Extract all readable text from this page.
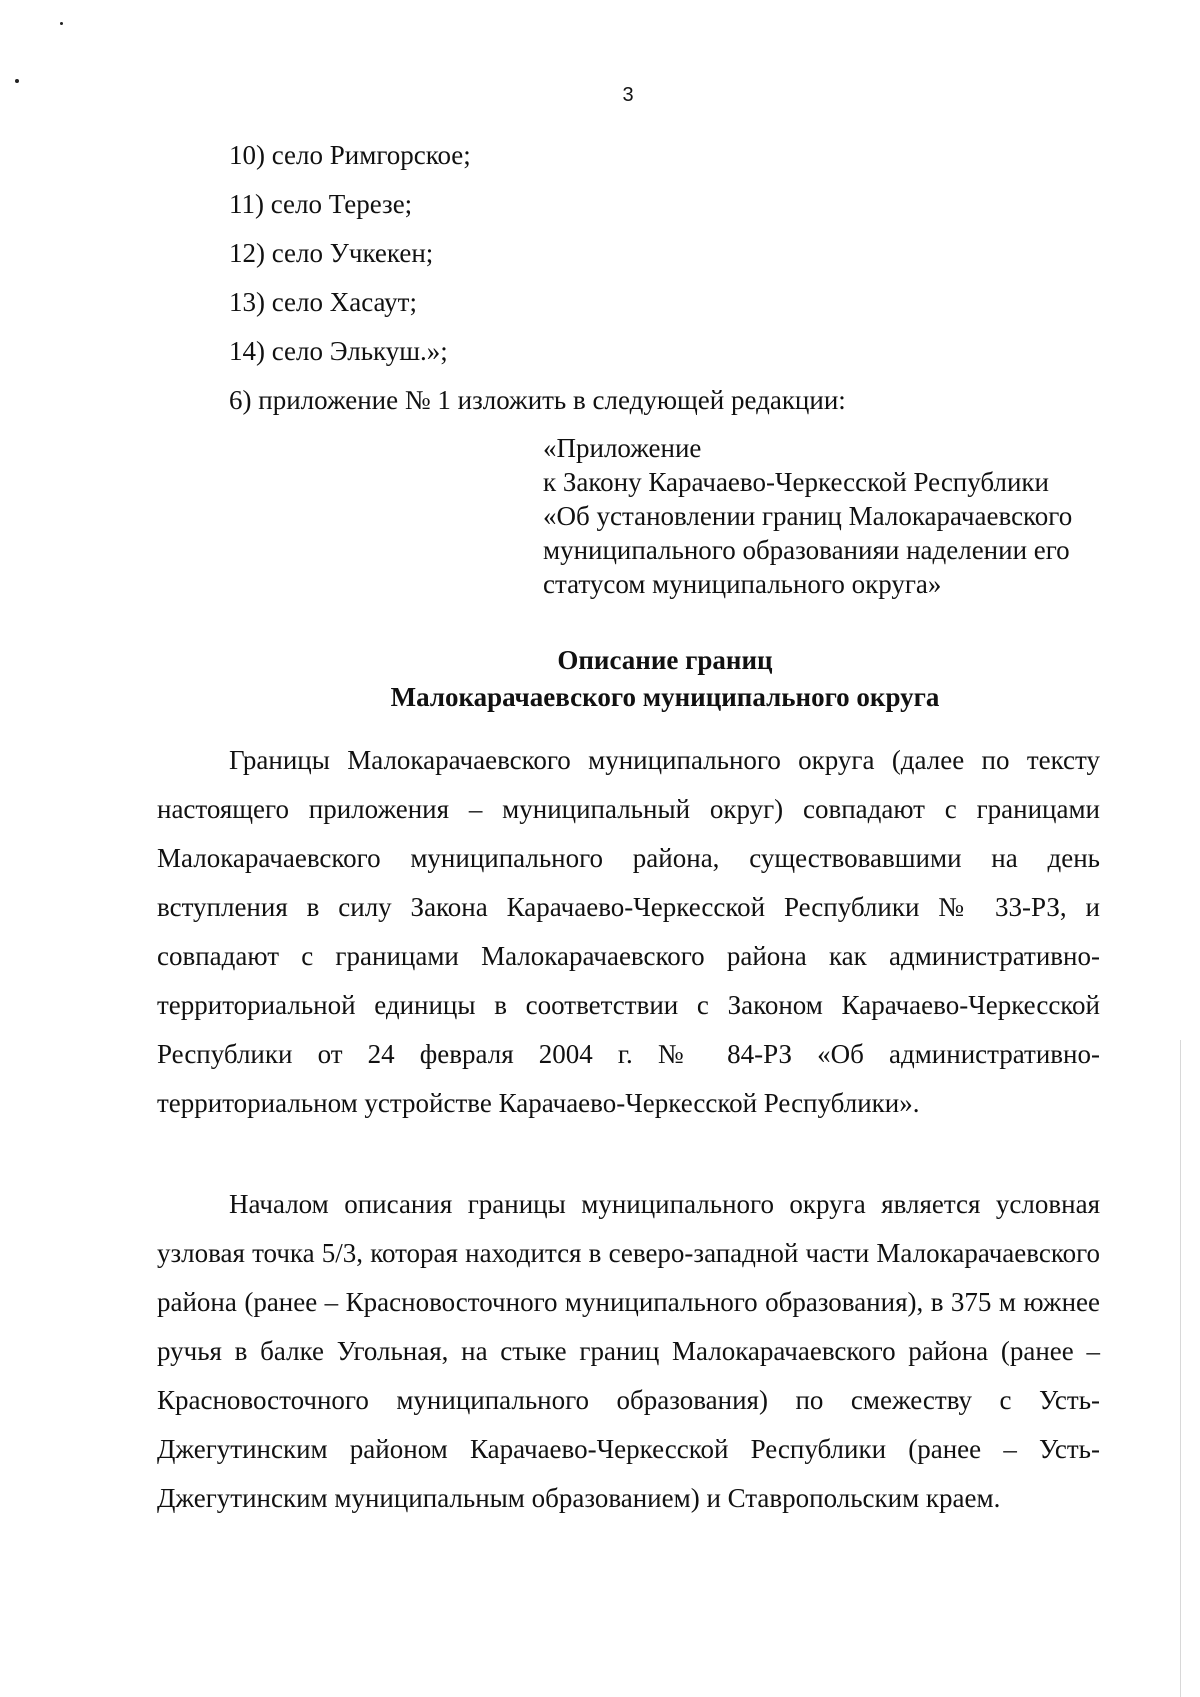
3
10) село Римгорское;
11) село Терезе;
12) село Учкекен;
13) село Хасаут;
14) село Элькуш.»;
6) приложение № 1 изложить в следующей редакции:
«Приложение
к Закону Карачаево-Черкесской Республики
«Об установлении границ Малокарачаевского
муниципального образованияи наделении его
статусом муниципального округа»
Описание границ
Малокарачаевского муниципального округа

Границы Малокарачаевского муниципального округа (далее по тексту настоящего приложения – муниципальный округ) совпадают с границами Малокарачаевского муниципального района, существовавшими на день вступления в силу Закона Карачаево-Черкесской Республики № 33-РЗ, и совпадают с границами Малокарачаевского района как административно-территориальной единицы в соответствии с Законом Карачаево-Черкесской Республики от 24 февраля 2004 г. № 84-РЗ «Об административно-территориальном устройстве Карачаево-Черкесской Республики».

Началом описания границы муниципального округа является условная узловая точка 5/3, которая находится в северо-западной части Малокарачаевского района (ранее – Красновосточного муниципального образования), в 375 м южнее ручья в балке Угольная, на стыке границ Малокарачаевского района (ранее – Красновосточного муниципального образования) по смежеству с Усть-Джегутинским районом Карачаево-Черкесской Республики (ранее – Усть-Джегутинским муниципальным образованием) и Ставропольским краем.
